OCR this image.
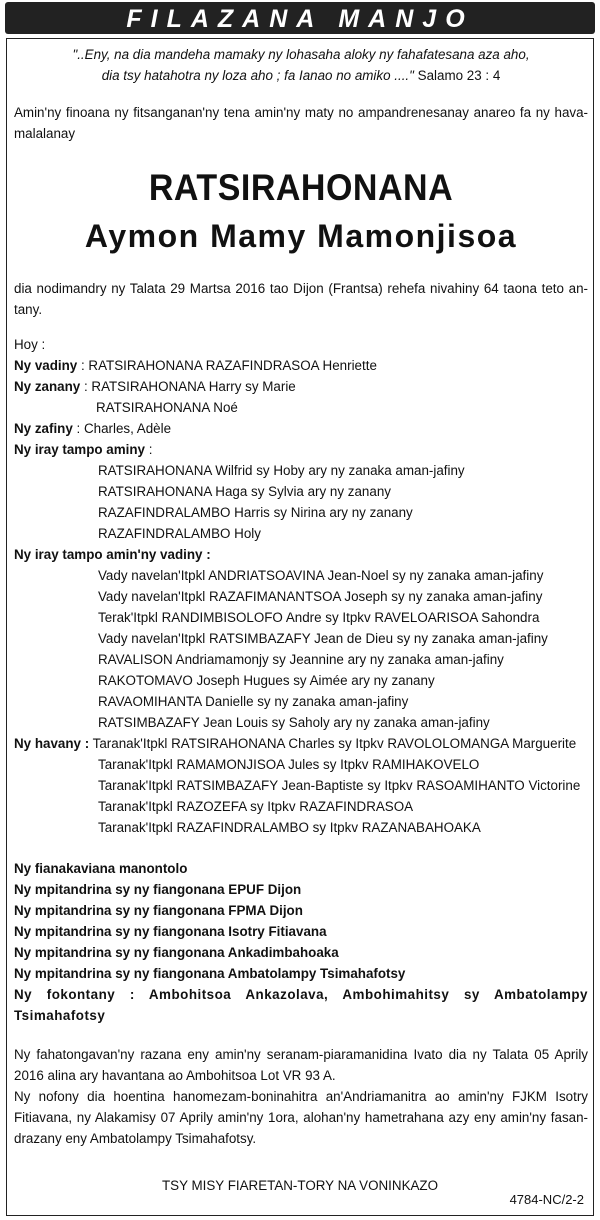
FILAZANA MANJO
"..Eny, na dia mandeha mamaky ny lohasaha aloky ny fahafatesana aza aho,
dia tsy hatahotra ny loza aho ; fa Ianao no amiko ...." Salamo 23 : 4
Amin'ny finoana ny fitsanganan'ny tena amin'ny maty no ampandrenesanay anareo fa ny hava-malalanay
RATSIRAHONANA
Aymon Mamy Mamonjisoa
dia nodimandry ny Talata 29 Martsa 2016 tao Dijon (Frantsa) rehefa nivahiny 64 taona teto an-tany.
Hoy :
Ny vadiny : RATSIRAHONANA RAZAFINDRASOA Henriette
Ny zanany : RATSIRAHONANA Harry sy Marie
RATSIRAHONANA Noé
Ny zafiny : Charles, Adèle
Ny iray tampo aminy :
RATSIRAHONANA Wilfrid sy Hoby ary ny zanaka aman-jafiny
RATSIRAHONANA Haga sy Sylvia ary ny zanany
RAZAFINDRALAMBO Harris sy Nirina ary ny zanany
RAZAFINDRALAMBO Holy
Ny iray tampo amin'ny vadiny :
Vady navelan'Itpkl ANDRIATSOAVINA Jean-Noel sy ny zanaka aman-jafiny
Vady navelan'Itpkl RAZAFIMANANTSOA Joseph sy ny zanaka aman-jafiny
Terak'Itpkl RANDIMBISOLOFO Andre sy Itpkv RAVELOARISOA Sahondra
Vady navelan'Itpkl RATSIMBAZAFY Jean de Dieu sy ny zanaka aman-jafiny
RAVALISON Andriamamonjy sy Jeannine ary ny zanaka aman-jafiny
RAKOTOMAVO Joseph Hugues sy Aimée ary ny zanany
RAVAOMIHANTA Danielle sy ny zanaka aman-jafiny
RATSIMBAZAFY Jean Louis sy Saholy ary ny zanaka aman-jafiny
Ny havany : Taranak'Itpkl RATSIRAHONANA Charles sy Itpkv RAVOLOLOMANGA Marguerite
Taranak'Itpkl RAMAMONJISOA Jules sy Itpkv RAMIHAKOVELO
Taranak'Itpkl RATSIMBAZAFY Jean-Baptiste sy Itpkv RASOAMIHANTO Victorine
Taranak'Itpkl RAZOZEFA sy Itpkv RAZAFINDRASOA
Taranak'Itpkl RAZAFINDRALAMBO sy Itpkv RAZANABAHOAKA
Ny fianakaviana manontolo
Ny mpitandrina sy ny fiangonana EPUF Dijon
Ny mpitandrina sy ny fiangonana FPMA Dijon
Ny mpitandrina sy ny fiangonana Isotry Fitiavana
Ny mpitandrina sy ny fiangonana Ankadimbahoaka
Ny mpitandrina sy ny fiangonana Ambatolampy Tsimahafotsy
Ny fokontany : Ambohitsoa Ankazolava, Ambohimahitsy sy Ambatolampy Tsimahafotsy
Ny fahatongavan'ny razana eny amin'ny seranam-piaramanidina Ivato dia ny Talata 05 Aprily 2016 alina ary havantana ao Ambohitsoa Lot VR 93 A.
Ny nofony dia hoentina hanomezam-boninahitra an'Andriamanitra ao amin'ny FJKM Isotry Fitiavana, ny Alakamisy 07 Aprily amin'ny 1ora, alohan'ny hametrahana azy eny amin'ny fasan-drazany eny Ambatolampy Tsimahafotsy.
TSY MISY FIARETAN-TORY NA VONINKAZO
4784-NC/2-2
